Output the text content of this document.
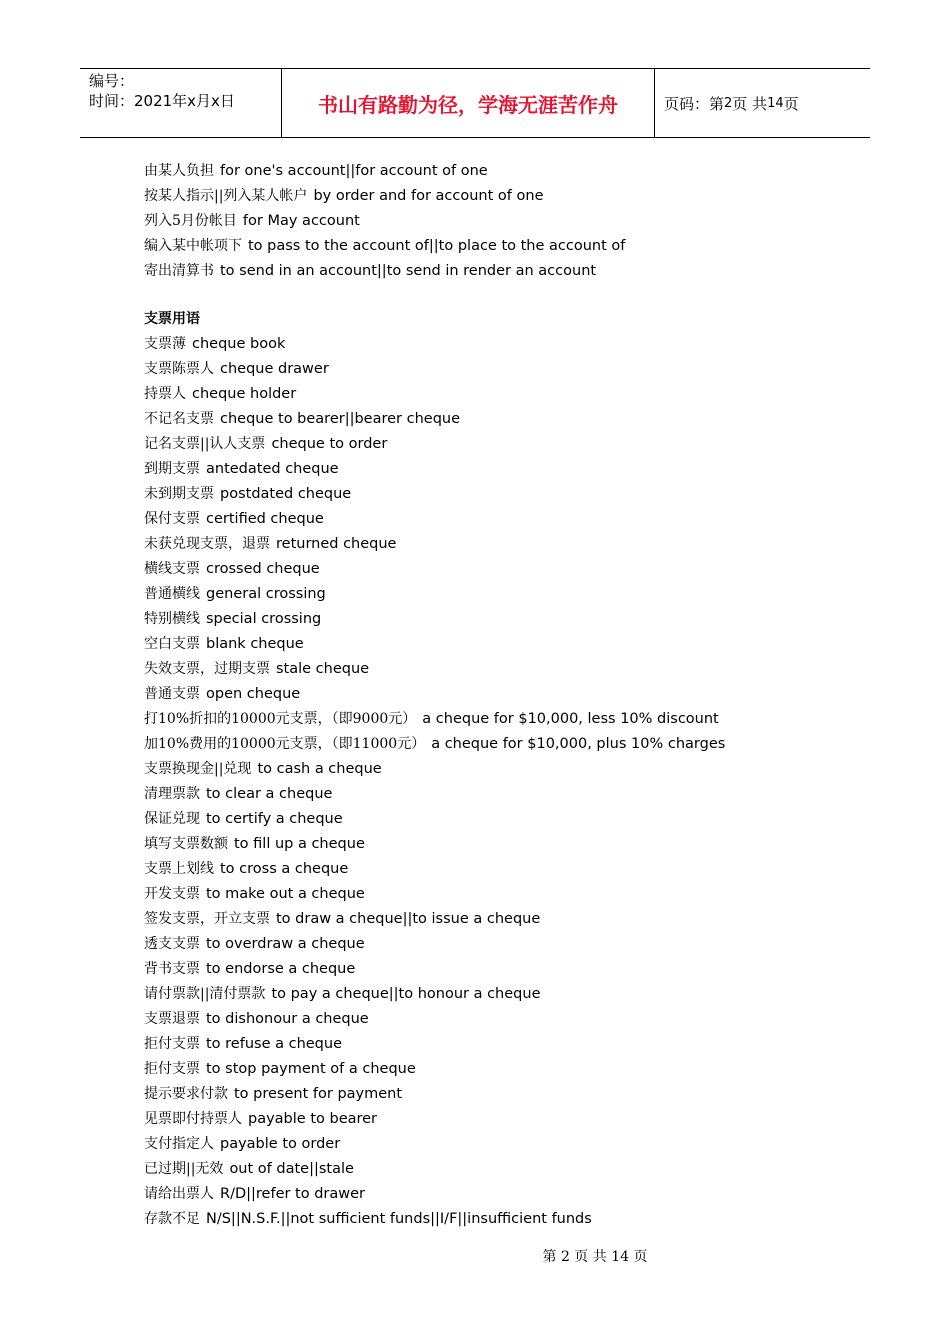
编号：
时间：2021年x月x日	书山有路勤为径，学海无涯苦作舟	页码：第 2 页 共 14 页
由某人负担 for one's account||for account of one
按某人指示||列入某人帐户 by order and for account of one
列入5月份帐目 for May account
编入某中帐项下 to pass to the account of||to place to the account of
寄出清算书 to send in an account||to send in render an account
支票用语
支票薄 cheque book
支票陈票人 cheque drawer
持票人 cheque holder
不记名支票 cheque to bearer||bearer cheque
记名支票||认人支票 cheque to order
到期支票 antedated cheque
未到期支票 postdated cheque
保付支票 certified cheque
未获兑现支票，退票 returned cheque
横线支票 crossed cheque
普通横线 general crossing
特别横线 special crossing
空白支票 blank cheque
失效支票，过期支票 stale cheque
普通支票 open cheque
打10%折扣的10000元支票，（即9000元） a cheque for $10,000, less 10% discount
加10%费用的10000元支票，（即11000元） a cheque for $10,000, plus 10% charges
支票换现金||兑现 to cash a cheque
清理票款 to clear a cheque
保证兑现 to certify a cheque
填写支票数额 to fill up a cheque
支票上划线 to cross a cheque
开发支票 to make out a cheque
签发支票，开立支票 to draw a cheque||to issue a cheque
透支支票 to overdraw a cheque
背书支票 to endorse a cheque
请付票款||清付票款 to pay a cheque||to honour a cheque
支票退票 to dishonour a cheque
拒付支票 to refuse a cheque
拒付支票 to stop payment of a cheque
提示要求付款 to present for payment
见票即付持票人 payable to bearer
支付指定人 payable to order
已过期||无效 out of date||stale
请给出票人 R/D||refer to drawer
存款不足 N/S||N.S.F.||not sufficient funds||I/F||insufficient funds
第 2 页 共 14 页
